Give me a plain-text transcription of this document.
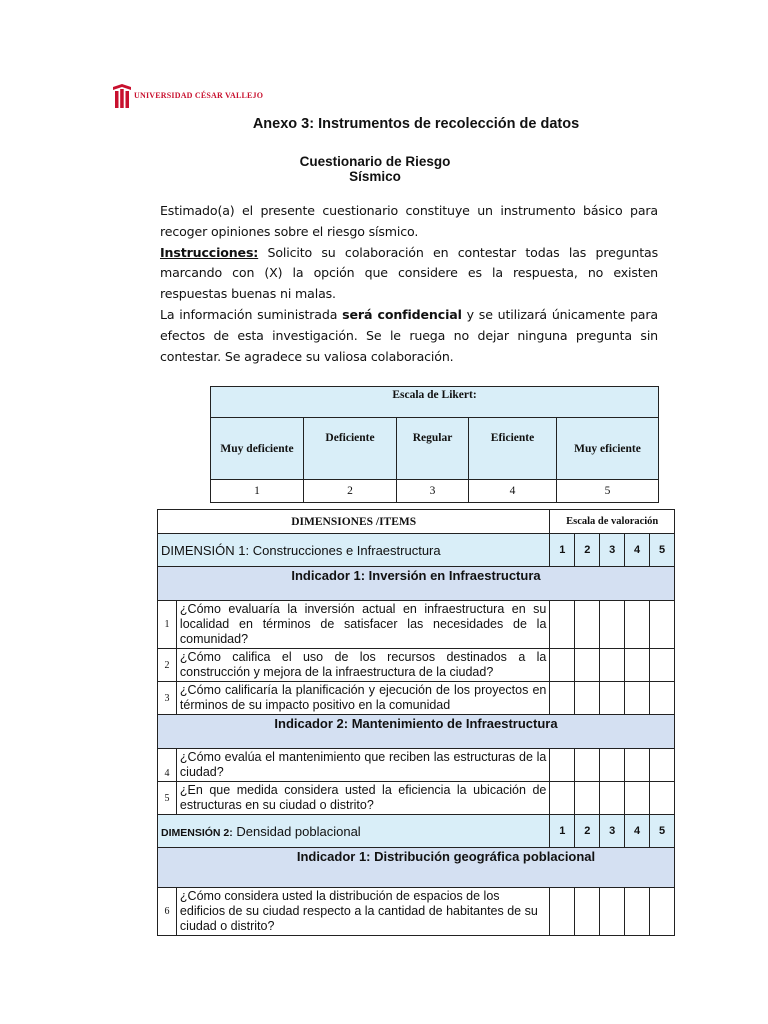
UNIVERSIDAD CÉSAR VALLEJO
Anexo 3: Instrumentos de recolección de datos
Cuestionario de Riesgo
Sísmico

Estimado(a) el presente cuestionario constituye un instrumento básico para recoger opiniones sobre el riesgo sísmico.

Instrucciones: Solicito su colaboración en contestar todas las preguntas marcando con (X) la opción que considere es la respuesta, no existen respuestas buenas ni malas.

La información suministrada será confidencial y se utilizará únicamente para efectos de esta investigación. Se le ruega no dejar ninguna pregunta sin contestar. Se agradece su valiosa colaboración.

Escala de Likert:				
Muy deficiente	Deficiente	Regular	Eficiente	Muy eficiente
1	2	3	4	5
DIMENSIONES /ITEMS		Escala de valoración				
DIMENSIÓN 1: Construcciones e Infraestructura		1	2	3	4	5
Indicador 1: Inversión en Infraestructura						
1	¿Cómo evaluaría la inversión actual en infraestructura en su localidad en términos de satisfacer las necesidades de la comunidad?					
2	¿Cómo califica el uso de los recursos destinados a la construcción y mejora de la infraestructura de la ciudad?					
3	¿Cómo calificaría la planificación y ejecución de los proyectos en términos de su impacto positivo en la comunidad					
Indicador 2: Mantenimiento de Infraestructura						
4	¿Cómo evalúa el mantenimiento que reciben las estructuras de la ciudad?					
5	¿En que medida considera usted la eficiencia la ubicación de estructuras en su ciudad o distrito?					
DIMENSIÓN 2: Densidad poblacional		1	2	3	4	5
Indicador 1: Distribución geográfica poblacional						
6	¿Cómo considera usted la distribución de espacios de los edificios de su ciudad respecto a la cantidad de habitantes de su ciudad o distrito?					
